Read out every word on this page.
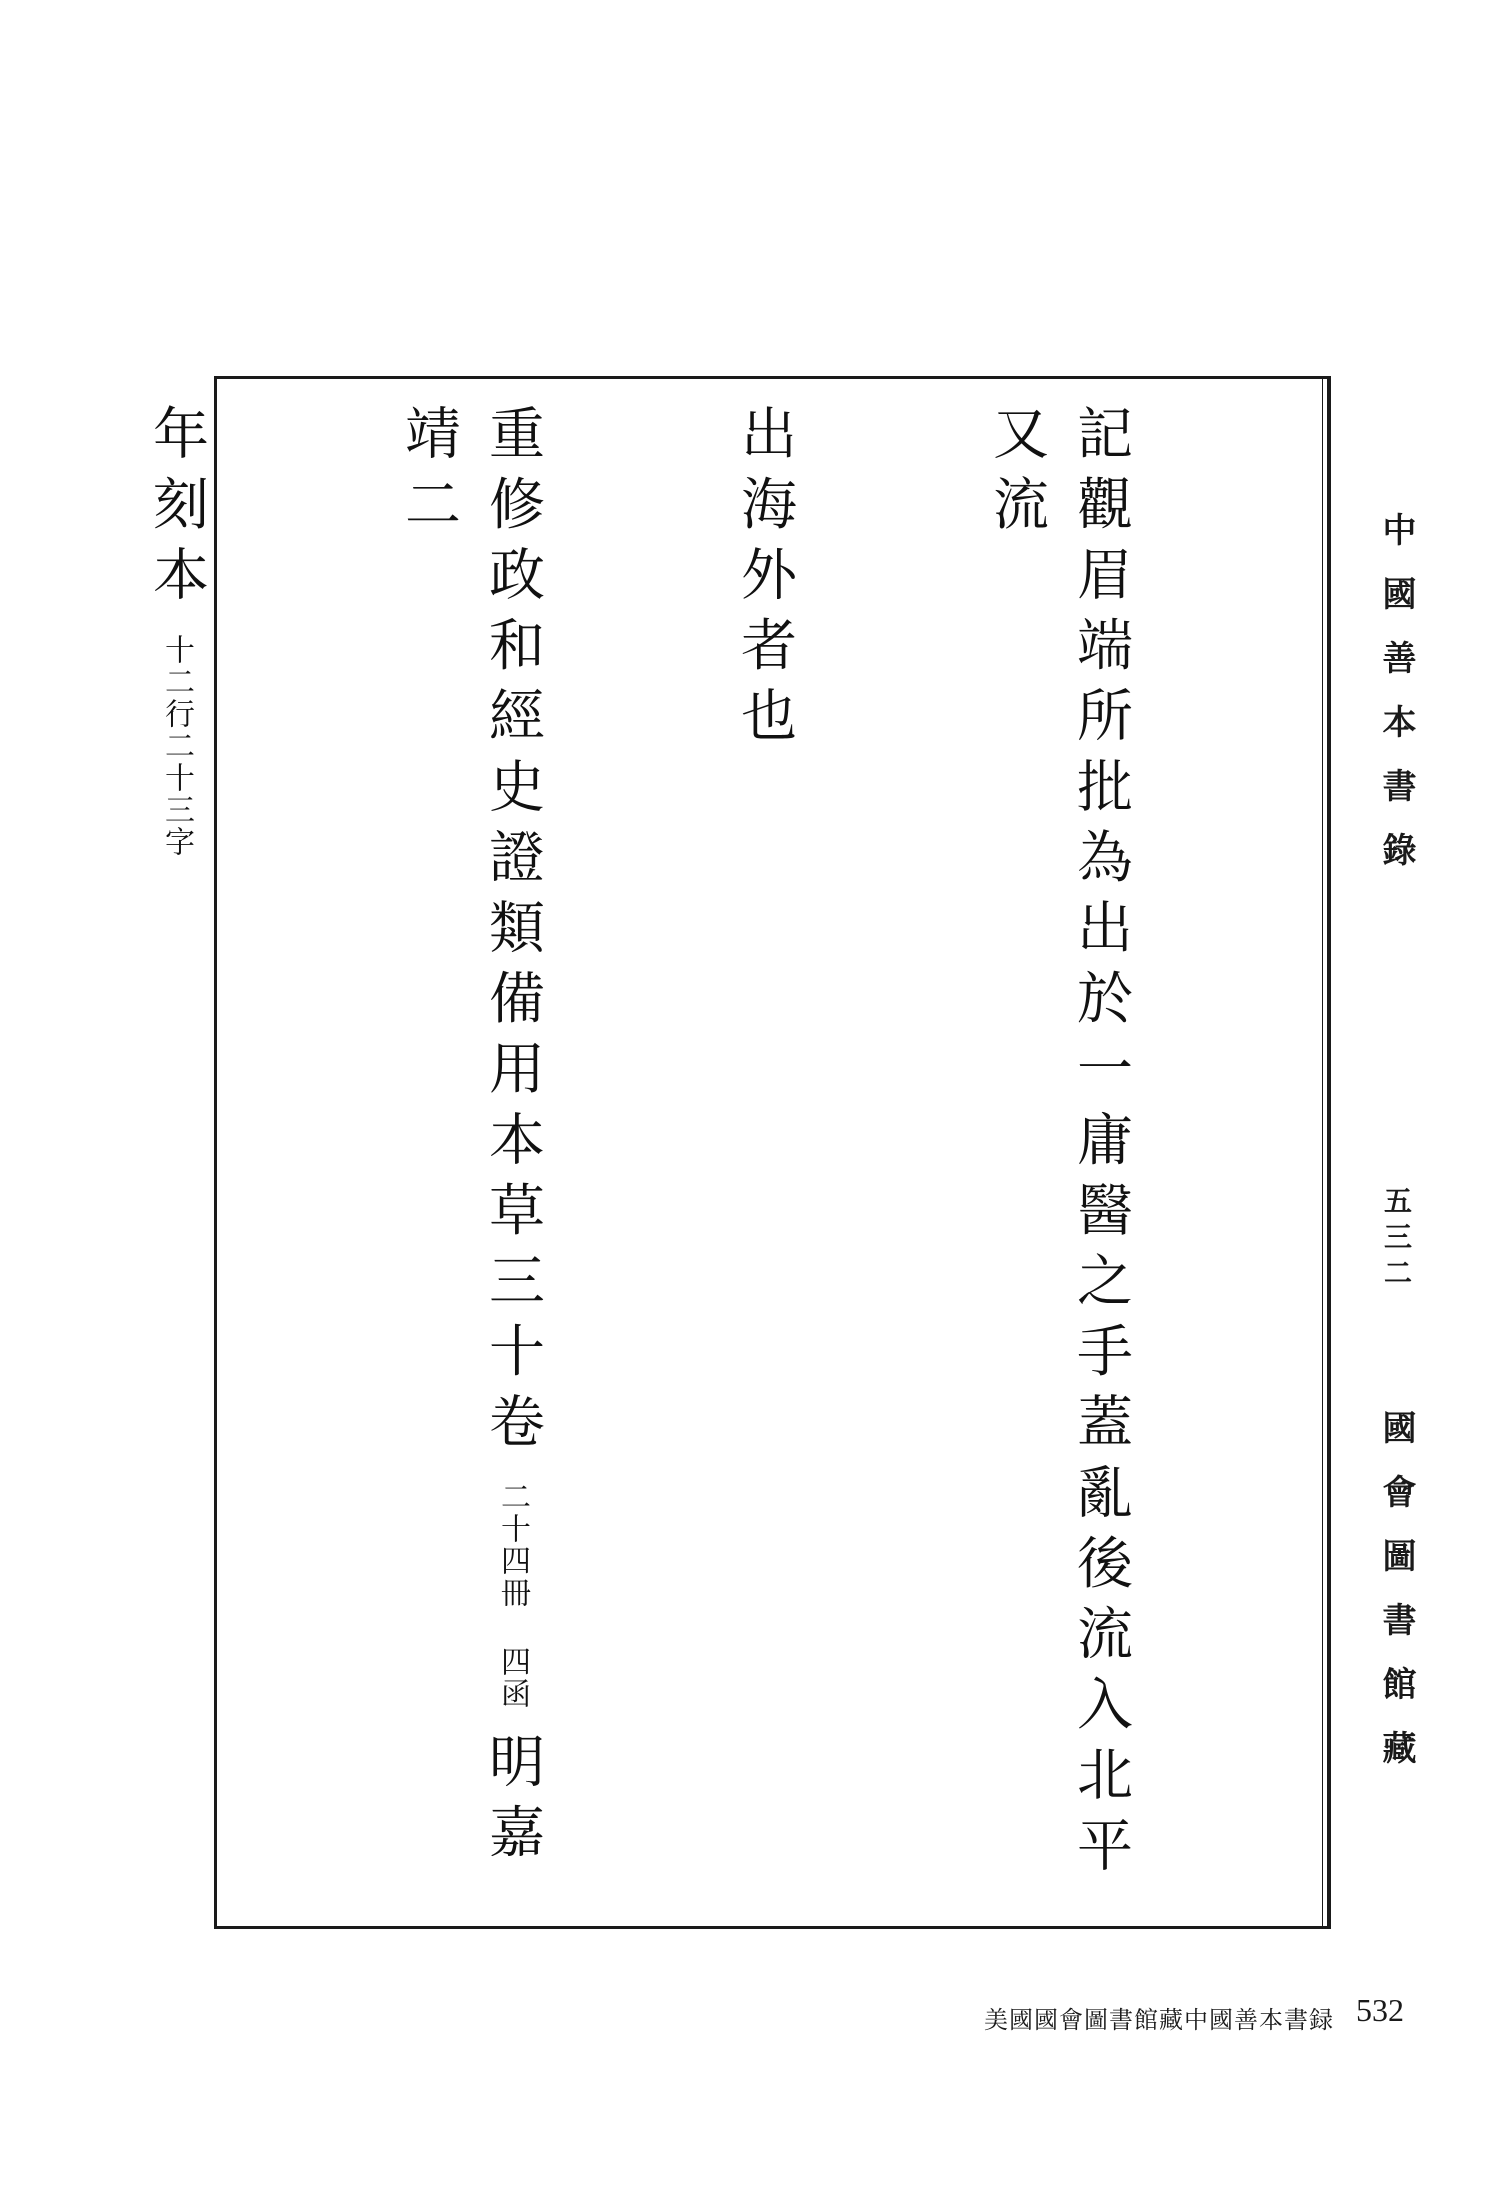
中國善本書錄五三二國會圖書館藏

記觀眉端所批為出於一庸醫之手蓋亂後流入北平又流

出海外者也

重修政和經史證類備用本草三十卷二十四冊 四函明嘉靖二

年刻本十二行二十三字

美國國會圖書館藏中國善本書録 532
